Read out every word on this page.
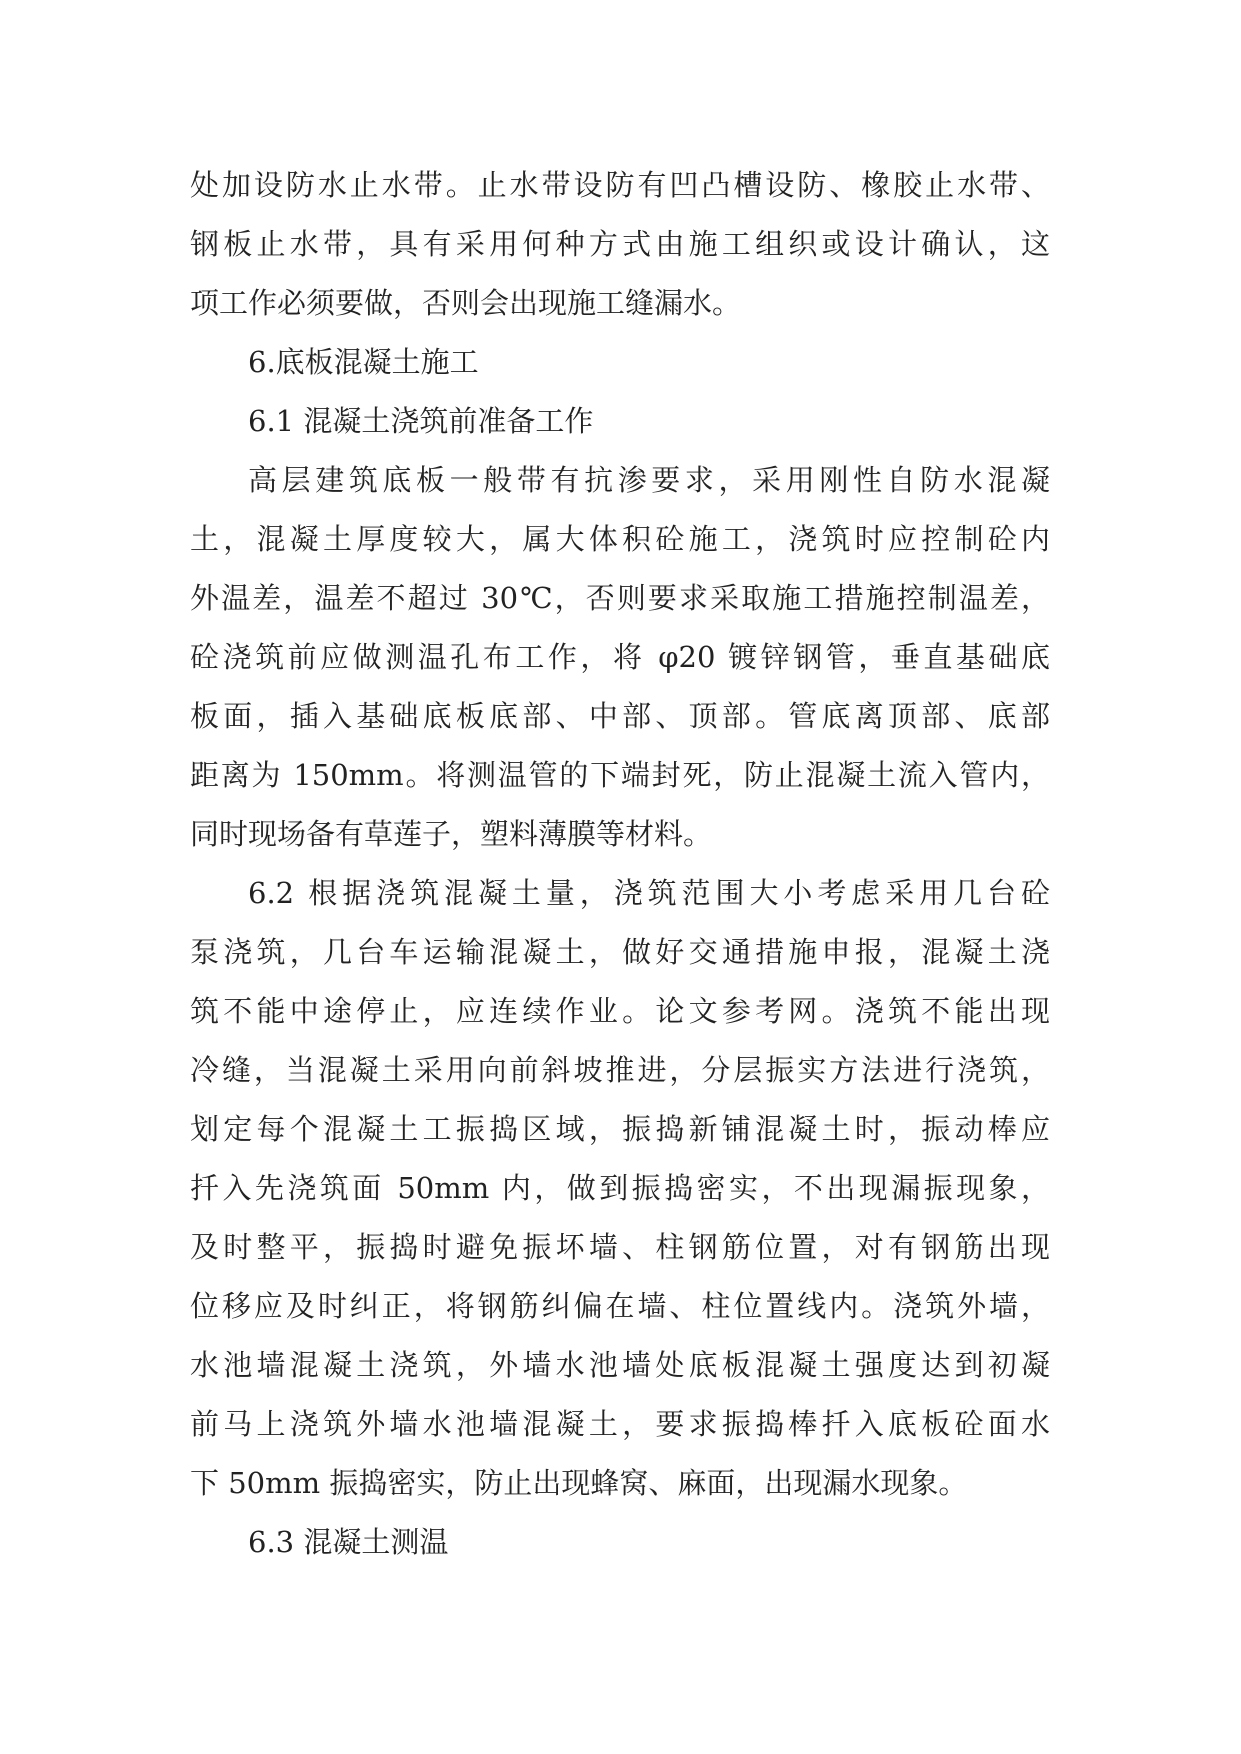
处加设防水止水带。止水带设防有凹凸槽设防、橡胶止水带、
钢板止水带，具有采用何种方式由施工组织或设计确认，这
项工作必须要做，否则会出现施工缝漏水。
6.底板混凝土施工
6.1 混凝土浇筑前准备工作
高层建筑底板一般带有抗渗要求，采用刚性自防水混凝
土，混凝土厚度较大，属大体积砼施工，浇筑时应控制砼内
外温差，温差不超过 30℃，否则要求采取施工措施控制温差，
砼浇筑前应做测温孔布工作，将 φ20 镀锌钢管，垂直基础底
板面，插入基础底板底部、中部、顶部。管底离顶部、底部
距离为 150mm。将测温管的下端封死，防止混凝土流入管内，
同时现场备有草莲子，塑料薄膜等材料。
6.2 根据浇筑混凝土量，浇筑范围大小考虑采用几台砼
泵浇筑，几台车运输混凝土，做好交通措施申报，混凝土浇
筑不能中途停止，应连续作业。论文参考网。浇筑不能出现
冷缝，当混凝土采用向前斜坡推进，分层振实方法进行浇筑，
划定每个混凝土工振捣区域，振捣新铺混凝土时，振动棒应
扦入先浇筑面 50mm 内，做到振捣密实，不出现漏振现象，
及时整平，振捣时避免振坏墙、柱钢筋位置，对有钢筋出现
位移应及时纠正，将钢筋纠偏在墙、柱位置线内。浇筑外墙，
水池墙混凝土浇筑，外墙水池墙处底板混凝土强度达到初凝
前马上浇筑外墙水池墙混凝土，要求振捣棒扦入底板砼面水
下 50mm 振捣密实，防止出现蜂窝、麻面，出现漏水现象。
6.3 混凝土测温
